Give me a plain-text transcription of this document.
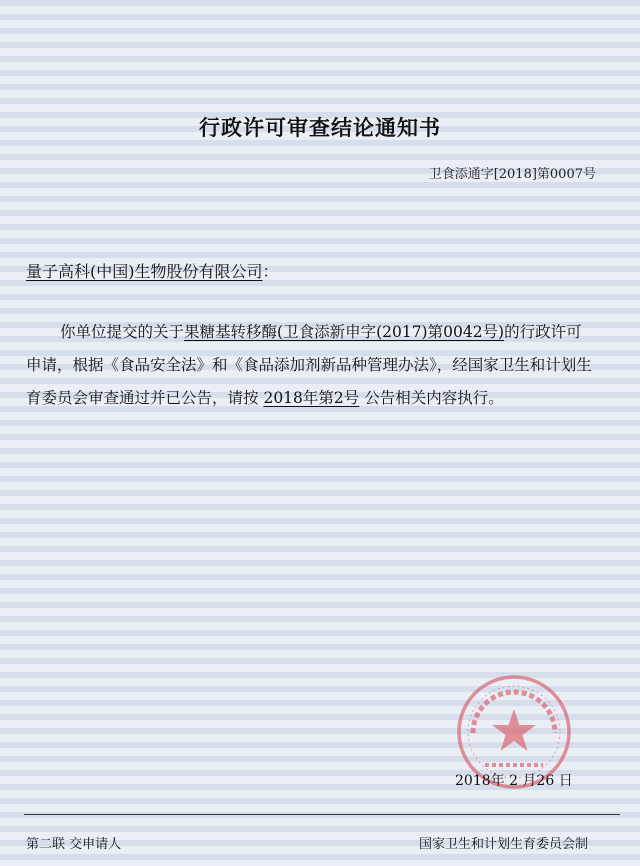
行政许可审查结论通知书
卫食添通字[2018]第0007号
量子高科(中国)生物股份有限公司：
你单位提交的关于果糖基转移酶(卫食添新申字(2017)第0042号)的行政许可申请，根据《食品安全法》和《食品添加剂新品种管理办法》，经国家卫生和计划生育委员会审查通过并已公告，请按 2018年第2号 公告相关内容执行。
2018年 2 月26 日
第二联 交申请人	国家卫生和计划生育委员会制
